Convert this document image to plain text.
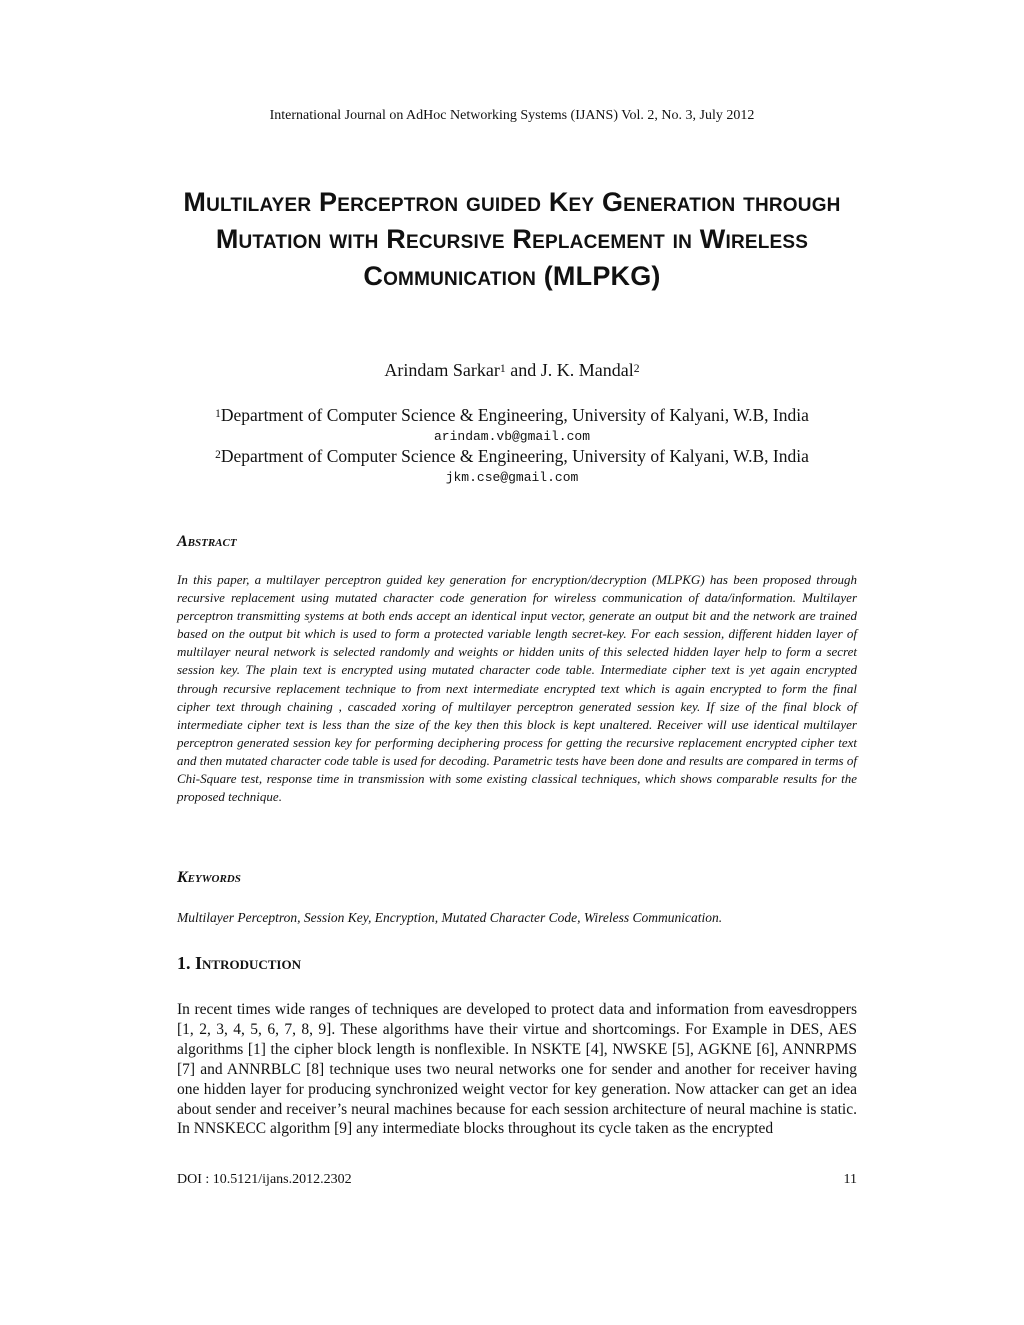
International Journal on AdHoc Networking Systems (IJANS) Vol. 2, No. 3, July 2012
Multilayer Perceptron guided Key Generation through Mutation with Recursive Replacement in Wireless Communication (MLPKG)
Arindam Sarkar$^1$ and J. K. Mandal$^2$
$^1$Department of Computer Science & Engineering, University of Kalyani, W.B, India
arindam.vb@gmail.com
$^2$Department of Computer Science & Engineering, University of Kalyani, W.B, India
jkm.cse@gmail.com
Abstract
In this paper, a multilayer perceptron guided key generation for encryption/decryption (MLPKG) has been proposed through recursive replacement using mutated character code generation for wireless communication of data/information. Multilayer perceptron transmitting systems at both ends accept an identical input vector, generate an output bit and the network are trained based on the output bit which is used to form a protected variable length secret-key. For each session, different hidden layer of multilayer neural network is selected randomly and weights or hidden units of this selected hidden layer help to form a secret session key. The plain text is encrypted using mutated character code table. Intermediate cipher text is yet again encrypted through recursive replacement technique to from next intermediate encrypted text which is again encrypted to form the final cipher text through chaining , cascaded xoring of multilayer perceptron generated session key. If size of the final block of intermediate cipher text is less than the size of the key then this block is kept unaltered. Receiver will use identical multilayer perceptron generated session key for performing deciphering process for getting the recursive replacement encrypted cipher text and then mutated character code table is used for decoding. Parametric tests have been done and results are compared in terms of Chi-Square test, response time in transmission with some existing classical techniques, which shows comparable results for the proposed technique.
Keywords
Multilayer Perceptron, Session Key, Encryption, Mutated Character Code, Wireless Communication.
1. Introduction
In recent times wide ranges of techniques are developed to protect data and information from eavesdroppers [1, 2, 3, 4, 5, 6, 7, 8, 9]. These algorithms have their virtue and shortcomings. For Example in DES, AES algorithms [1] the cipher block length is nonflexible. In NSKTE [4], NWSKE [5], AGKNE [6], ANNRPMS [7] and ANNRBLC [8] technique uses two neural networks one for sender and another for receiver having one hidden layer for producing synchronized weight vector for key generation. Now attacker can get an idea about sender and receiver’s neural machines because for each session architecture of neural machine is static. In NNSKECC algorithm [9] any intermediate blocks throughout its cycle taken as the encrypted
DOI : 10.5121/ijans.2012.2302	11
